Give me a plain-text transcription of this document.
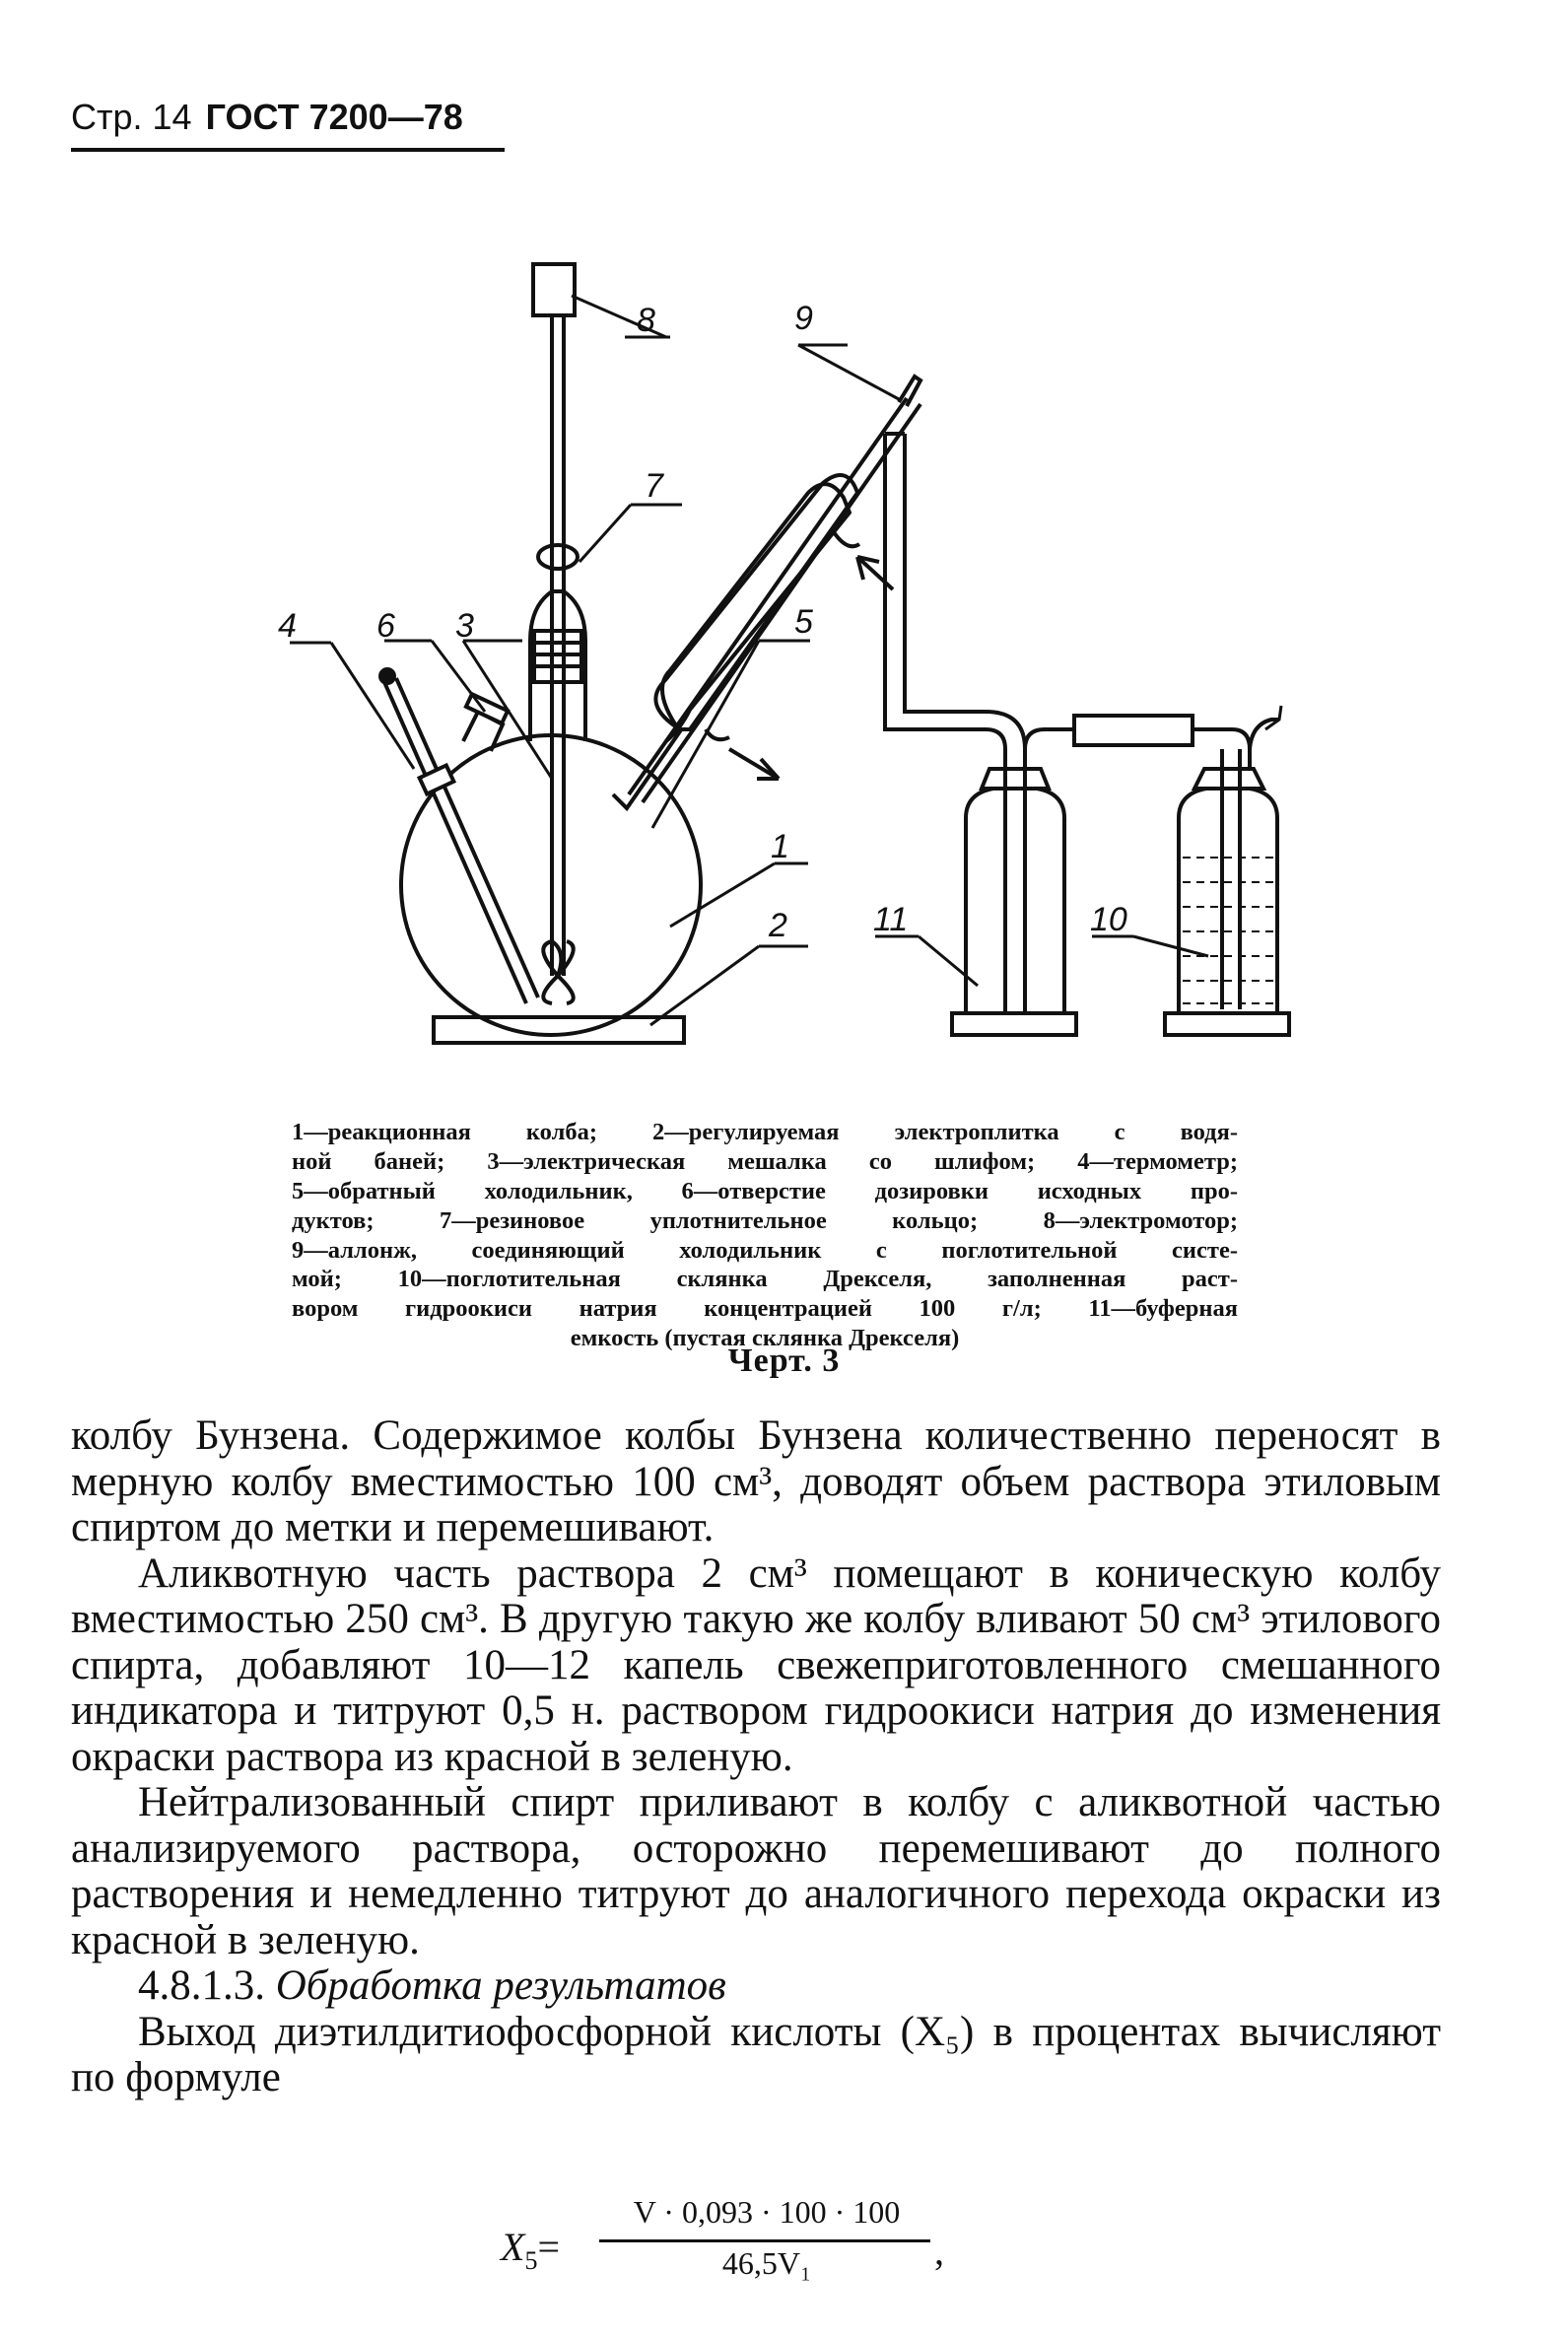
Стр. 14 ГОСТ 7200—78
8	9
7
5
4 6 3
1
2	11	10
1—реакционная колба; 2—регулируемая электроплитка с водя-
ной баней; 3—электрическая мешалка со шлифом; 4—термометр;
5—обратный холодильник, 6—отверстие дозировки исходных про-
дуктов; 7—резиновое уплотнительное кольцо; 8—электромотор;
9—аллонж, соединяющий холодильник с поглотительной систе-
мой; 10—поглотительная склянка Дрекселя, заполненная раст-
вором гидроокиси натрия концентрацией 100 г/л; 11—буферная
емкость (пустая склянка Дрекселя)
Черт. 3

колбу Бунзена. Содержимое колбы Бунзена количественно переносят в мерную колбу вместимостью 100 см³, доводят объем раствора этиловым спиртом до метки и перемешивают.

Аликвотную часть раствора 2 см³ помещают в коническую колбу вместимостью 250 см³. В другую такую же колбу вливают 50 см³ этилового спирта, добавляют 10—12 капель свежеприготовленного смешанного индикатора и титруют 0,5 н. раствором гидроокиси натрия до изменения окраски раствора из красной в зеленую.

Нейтрализованный спирт приливают в колбу с аликвотной частью анализируемого раствора, осторожно перемешивают до полного растворения и немедленно титруют до аналогичного перехода окраски из красной в зеленую.

4.8.1.3. Обработка результатов

Выход диэтилдитиофосфорной кислоты (X₅) в процентах вычисляют по формуле

$X_5=$
V · 0,093 · 100 · 100
46,5V₁	,
